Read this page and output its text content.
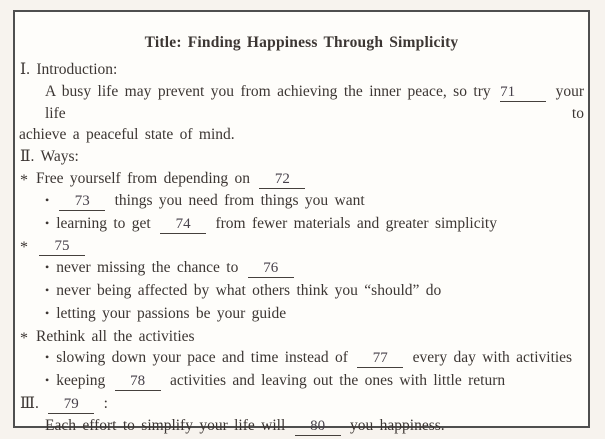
Title: Finding Happiness Through Simplicity
Ⅰ. Introduction:
A busy life may prevent you from achieving the inner peace, so try 71 your life to
achieve a peaceful state of mind.
Ⅱ. Ways:
* Free yourself from depending on 72
• 73 things you need from things you want
• learning to get 74 from fewer materials and greater simplicity
* 75
• never missing the chance to 76
• never being affected by what others think you “should” do
• letting your passions be your guide
* Rethink all the activities
• slowing down your pace and time instead of 77 every day with activities
• keeping 78 activities and leaving out the ones with little return
Ⅲ. 79 :
Each effort to simplify your life will 80 you happiness.
